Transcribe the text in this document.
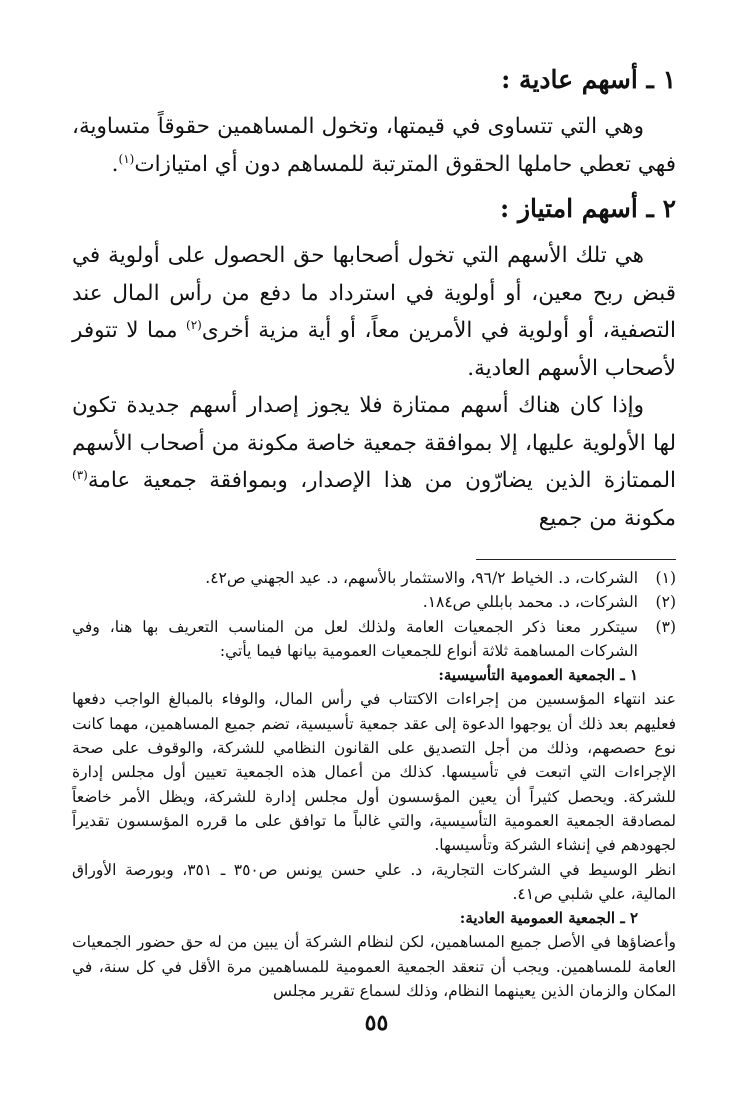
١ ـ أسهم عادية :

وهي التي تتساوى في قيمتها، وتخول المساهمين حقوقاً متساوية، فهي تعطي حاملها الحقوق المترتبة للمساهم دون أي امتيازات$^{(١)}$.

٢ ـ أسهم امتياز :

هي تلك الأسهم التي تخول أصحابها حق الحصول على أولوية في قبض ربح معين، أو أولوية في استرداد ما دفع من رأس المال عند التصفية، أو أولوية في الأمرين معاً، أو أية مزية أخرى$^{(٢)}$ مما لا تتوفر لأصحاب الأسهم العادية.

وإذا كان هناك أسهم ممتازة فلا يجوز إصدار أسهم جديدة تكون لها الأولوية عليها، إلا بموافقة جمعية خاصة مكونة من أصحاب الأسهم الممتازة الذين يضارّون من هذا الإصدار، وبموافقة جمعية عامة$^{(٣)}$ مكونة من جميع

(١)
الشركات، د. الخياط ٩٦/٢، والاستثمار بالأسهم، د. عيد الجهني ص٤٢.
(٢)
الشركات، د. محمد بابللي ص١٨٤.
(٣)
سيتكرر معنا ذكر الجمعيات العامة ولذلك لعل من المناسب التعريف بها هنا، وفي الشركات المساهمة ثلاثة أنواع للجمعيات العمومية بيانها فيما يأتي:

١ ـ الجمعية العمومية التأسيسية:

عند انتهاء المؤسسين من إجراءات الاكتتاب في رأس المال، والوفاء بالمبالغ الواجب دفعها فعليهم بعد ذلك أن يوجهوا الدعوة إلى عقد جمعية تأسيسية، تضم جميع المساهمين، مهما كانت نوع حصصهم، وذلك من أجل التصديق على القانون النظامي للشركة، والوقوف على صحة الإجراءات التي اتبعت في تأسيسها. كذلك من أعمال هذه الجمعية تعيين أول مجلس إدارة للشركة. ويحصل كثيراً أن يعين المؤسسون أول مجلس إدارة للشركة، ويظل الأمر خاضعاً لمصادقة الجمعية العمومية التأسيسية، والتي غالباً ما توافق على ما قرره المؤسسون تقديراً لجهودهم في إنشاء الشركة وتأسيسها.

انظر الوسيط في الشركات التجارية، د. علي حسن يونس ص٣٥٠ ـ ٣٥١، وبورصة الأوراق المالية، علي شلبي ص٤١.

٢ ـ الجمعية العمومية العادية:

وأعضاؤها في الأصل جميع المساهمين، لكن لنظام الشركة أن يبين من له حق حضور الجمعيات العامة للمساهمين. ويجب أن تنعقد الجمعية العمومية للمساهمين مرة الأقل في كل سنة، في المكان والزمان الذين يعينهما النظام، وذلك لسماع تقرير مجلس

٥٥
